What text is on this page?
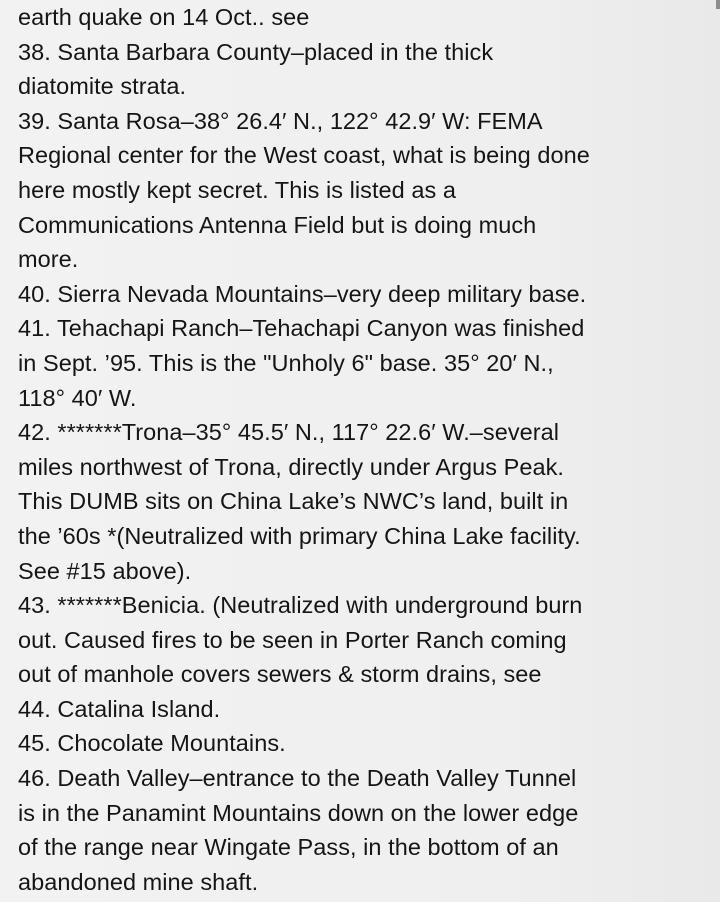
earth quake on 14 Oct.. see
38. Santa Barbara County–placed in the thick
diatomite strata.
39. Santa Rosa–38° 26.4′ N., 122° 42.9′ W: FEMA
Regional center for the West coast, what is being done
here mostly kept secret. This is listed as a
Communications Antenna Field but is doing much
more.
40. Sierra Nevada Mountains–very deep military base.
41. Tehachapi Ranch–Tehachapi Canyon was finished
in Sept. ’95. This is the "Unholy 6" base. 35° 20′ N.,
118° 40′ W.
42. *******Trona–35° 45.5′ N., 117° 22.6′ W.–several
miles northwest of Trona, directly under Argus Peak.
This DUMB sits on China Lake’s NWC’s land, built in
the ’60s *(Neutralized with primary China Lake facility.
See #15 above).
43. *******Benicia. (Neutralized with underground burn
out. Caused fires to be seen in Porter Ranch coming
out of manhole covers sewers & storm drains, see
44. Catalina Island.
45. Chocolate Mountains.
46. Death Valley–entrance to the Death Valley Tunnel
is in the Panamint Mountains down on the lower edge
of the range near Wingate Pass, in the bottom of an
abandoned mine shaft.
